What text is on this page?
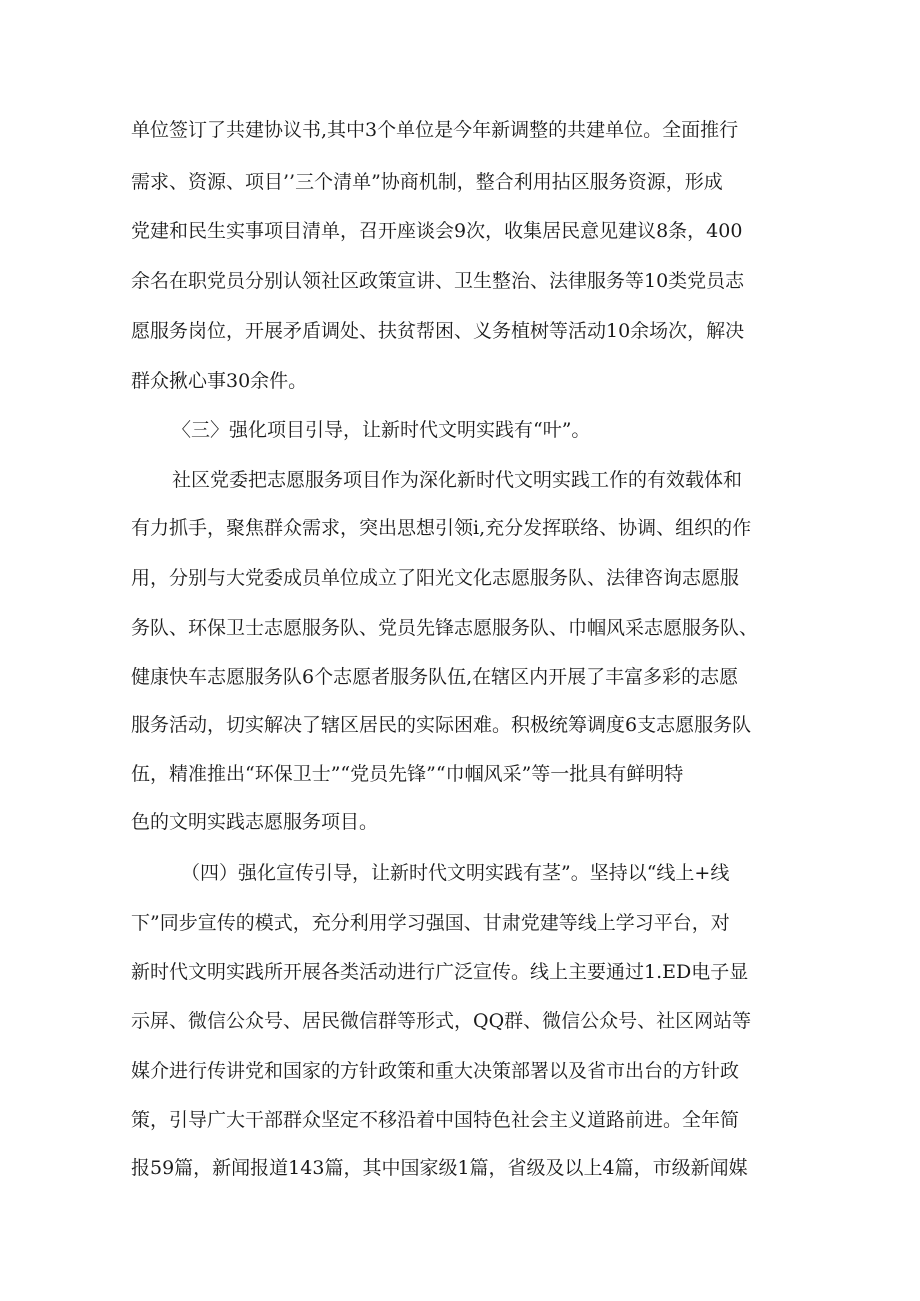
单位签订了共建协议书,其中3个单位是今年新调整的共建单位。全面推行

需求、资源、项目’’三个清单”协商机制，整合利用拈区服务资源，形成

党建和民生实事项目清单，召开座谈会9次，收集居民意见建议8条，400

余名在职党员分别认领社区政策宣讲、卫生整治、法律服务等10类党员志

愿服务岗位，开展矛盾调处、扶贫帮困、义务植树等活动10余场次，解决

群众揪心事30余件。

〈三〉强化项目引导，让新时代文明实践有“叶”。

社区党委把志愿服务项目作为深化新时代文明实践工作的有效载体和

有力抓手，聚焦群众需求，突出思想引领i,充分发挥联络、协调、组织的作

用，分别与大党委成员单位成立了阳光文化志愿服务队、法律咨询志愿服

务队、环保卫士志愿服务队、党员先锋志愿服务队、巾帼风采志愿服务队、

健康快车志愿服务队6个志愿者服务队伍,在辖区内开展了丰富多彩的志愿

服务活动，切实解决了辖区居民的实际困难。积极统筹调度6支志愿服务队

伍，精准推出“环保卫士”“党员先锋”“巾帼风采”等一批具有鲜明特

色的文明实践志愿服务项目。

（四）强化宣传引导，让新时代文明实践有茎”。坚持以“线上+线

下”同步宣传的模式，充分利用学习强国、甘肃党建等线上学习平台，对

新时代文明实践所开展各类活动进行广泛宣传。线上主要通过1.ED电子显

示屏、微信公众号、居民微信群等形式，QQ群、微信公众号、社区网站等

媒介进行传讲党和国家的方针政策和重大决策部署以及省市出台的方针政

策，引导广大干部群众坚定不移沿着中国特色社会主义道路前进。全年简

报59篇，新闻报道143篇，其中国家级1篇，省级及以上4篇，市级新闻媒
